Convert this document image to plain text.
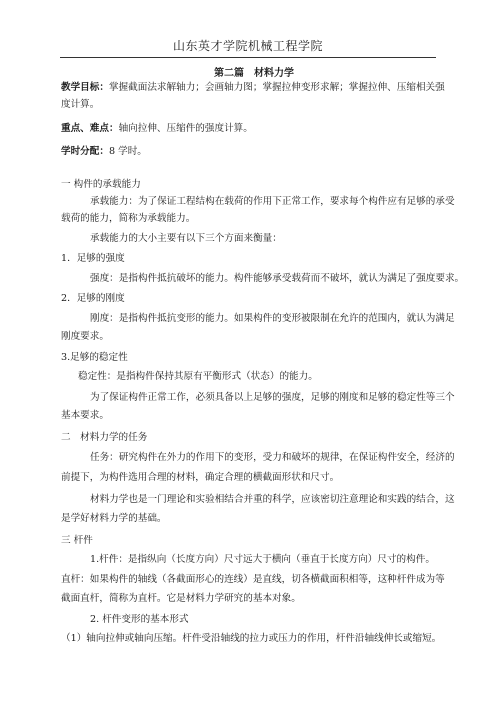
山东英才学院机械工程学院
第二篇　材料力学
教学目标：掌握截面法求解轴力；会画轴力图；掌握拉伸变形求解；掌握拉伸、压缩相关强
度计算。
重点、难点：轴向拉伸、压缩件的强度计算。
学时分配：8 学时。
一 构件的承载能力
承载能力：为了保证工程结构在载荷的作用下正常工作，要求每个构件应有足够的承受
载荷的能力，简称为承载能力。
承载能力的大小主要有以下三个方面来衡量：
1．足够的强度
强度：是指构件抵抗破坏的能力。构件能够承受载荷而不破坏，就认为满足了强度要求。
2．足够的刚度
刚度：是指构件抵抗变形的能力。如果构件的变形被限制在允许的范围内，就认为满足
刚度要求。
3.足够的稳定性
稳定性：是指构件保持其原有平衡形式（状态）的能力。
为了保证构件正常工作，必须具备以上足够的强度，足够的刚度和足够的稳定性等三个
基本要求。
二　材料力学的任务
任务：研究构件在外力的作用下的变形，受力和破坏的规律，在保证构件安全，经济的
前提下，为构件选用合理的材料，确定合理的横截面形状和尺寸。
材料力学也是一门理论和实验相结合并重的科学，应该密切注意理论和实践的结合，这
是学好材料力学的基础。
三 杆件
1.杆件：是指纵向（长度方向）尺寸远大于横向（垂直于长度方向）尺寸的构件。
直杆：如果构件的轴线（各截面形心的连线）是直线，切各横截面积相等，这种杆件成为等
截面直杆，简称为直杆。它是材料力学研究的基本对象。
2. 杆件变形的基本形式
（1）轴向拉伸或轴向压缩。杆件受沿轴线的拉力或压力的作用，杆件沿轴线伸长或缩短。
